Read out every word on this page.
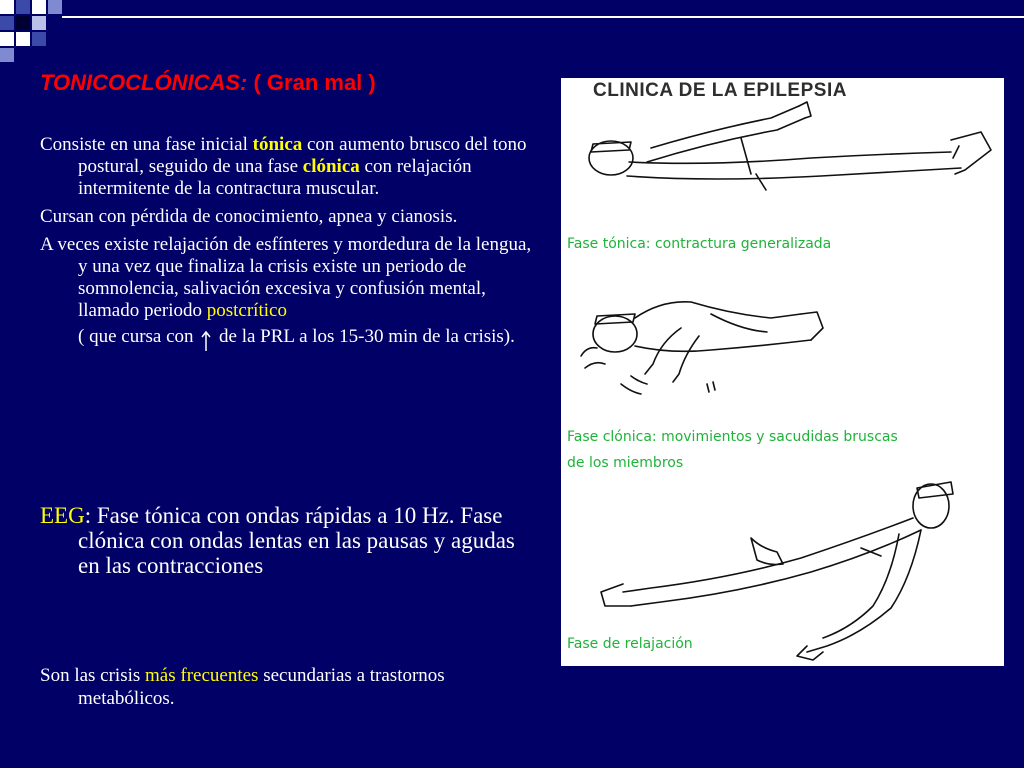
TONICOCLÓNICAS: ( Gran mal )

Consiste en una fase inicial tónica con aumento brusco del tono postural, seguido de una fase clónica con relajación intermitente de la contractura muscular.

Cursan con pérdida de conocimiento, apnea y cianosis.

A veces existe relajación de esfínteres y mordedura de la lengua, y una vez que finaliza la crisis existe un periodo de somnolencia, salivación excesiva y confusión mental, llamado periodo postcrítico

( que cursa con  de la PRL a los 15-30 min de la crisis).

EEG: Fase tónica con ondas rápidas a 10 Hz. Fase clónica con ondas lentas en las pausas y agudas en las contracciones
Son las crisis más frecuentes secundarias a trastornos metabólicos.
CLINICA DE LA EPILEPSIA
Fase tónica: contractura generalizada
Fase clónica: movimientos y sacudidas bruscas
de los miembros
Fase de relajación
